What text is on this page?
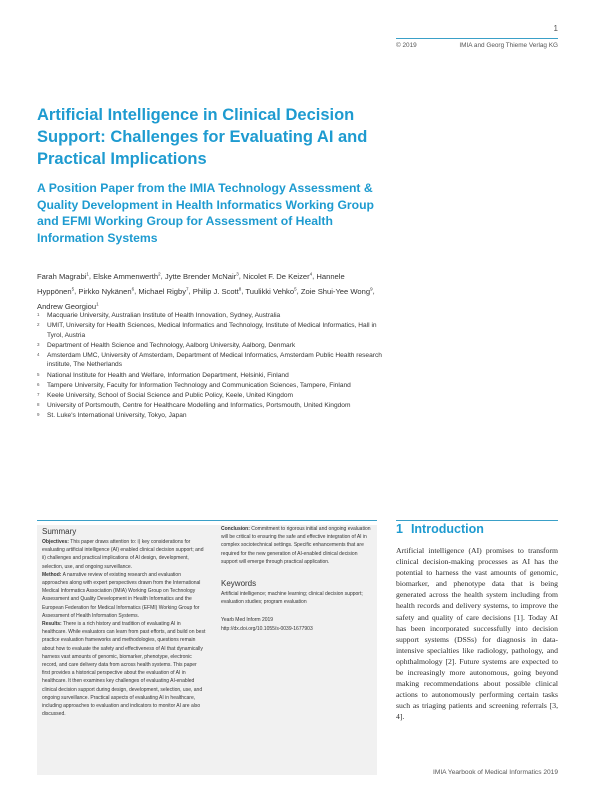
1
© 2019	IMIA and Georg Thieme Verlag KG
Artificial Intelligence in Clinical Decision Support: Challenges for Evaluating AI and Practical Implications
A Position Paper from the IMIA Technology Assessment & Quality Development in Health Informatics Working Group and EFMI Working Group for Assessment of Health Information Systems
Farah Magrabi$^1$, Elske Ammenwerth$^2$, Jytte Brender McNair$^3$, Nicolet F. De Keizer$^4$, Hannele Hyppönen$^5$, Pirkko Nykänen$^6$, Michael Rigby$^7$, Philip J. Scott$^8$, Tuulikki Vehko$^5$, Zoie Shui-Yee Wong$^9$, Andrew Georgiou$^1$
1 Macquarie University, Australian Institute of Health Innovation, Sydney, Australia
2 UMIT, University for Health Sciences, Medical Informatics and Technology, Institute of Medical Informatics, Hall in Tyrol, Austria
3 Department of Health Science and Technology, Aalborg University, Aalborg, Denmark
4 Amsterdam UMC, University of Amsterdam, Department of Medical Informatics, Amsterdam Public Health research institute, The Netherlands
5 National Institute for Health and Welfare, Information Department, Helsinki, Finland
6 Tampere University, Faculty for Information Technology and Communication Sciences, Tampere, Finland
7 Keele University, School of Social Science and Public Policy, Keele, United Kingdom
8 University of Portsmouth, Centre for Healthcare Modelling and Informatics, Portsmouth, United Kingdom
9 St. Luke's International University, Tokyo, Japan
Summary
Objectives: This paper draws attention to: i) key considerations for evaluating artificial intelligence (AI) enabled clinical decision support; and ii) challenges and practical implications of AI design, development, selection, use, and ongoing surveillance.
Method: A narrative review of existing research and evaluation approaches along with expert perspectives drawn from the International Medical Informatics Association (IMIA) Working Group on Technology Assessment and Quality Development in Health Informatics and the European Federation for Medical Informatics (EFMI) Working Group for Assessment of Health Information Systems.
Results: There is a rich history and tradition of evaluating AI in healthcare. While evaluators can learn from past efforts, and build on best practice evaluation frameworks and methodologies, questions remain about how to evaluate the safety and effectiveness of AI that dynamically harness vast amounts of genomic, biomarker, phenotype, electronic record, and care delivery data from across health systems. This paper first provides a historical perspective about the evaluation of AI in healthcare. It then examines key challenges of evaluating AI-enabled clinical decision support during design, development, selection, use, and ongoing surveillance. Practical aspects of evaluating AI in healthcare, including approaches to evaluation and indicators to monitor AI are also discussed.
Conclusion: Commitment to rigorous initial and ongoing evaluation will be critical to ensuring the safe and effective integration of AI in complex sociotechnical settings. Specific enhancements that are required for the new generation of AI-enabled clinical decision support will emerge through practical application.
Keywords
Artificial intelligence; machine learning; clinical decision support; evaluation studies; program evaluation
Yearb Med Inform 2019
http://dx.doi.org/10.1055/s-0039-1677903
1 Introduction

Artificial intelligence (AI) promises to transform clinical decision-making processes as AI has the potential to harness the vast amounts of genomic, biomarker, and phenotype data that is being generated across the health system including from health records and delivery systems, to improve the safety and quality of care decisions [1]. Today AI has been incorporated successfully into decision support systems (DSSs) for diagnosis in data-intensive specialties like radiology, pathology, and ophthalmology [2]. Future systems are expected to be increasingly more autonomous, going beyond making recommendations about possible clinical actions to autonomously performing certain tasks such as triaging patients and screening referrals [3, 4].

IMIA Yearbook of Medical Informatics 2019
